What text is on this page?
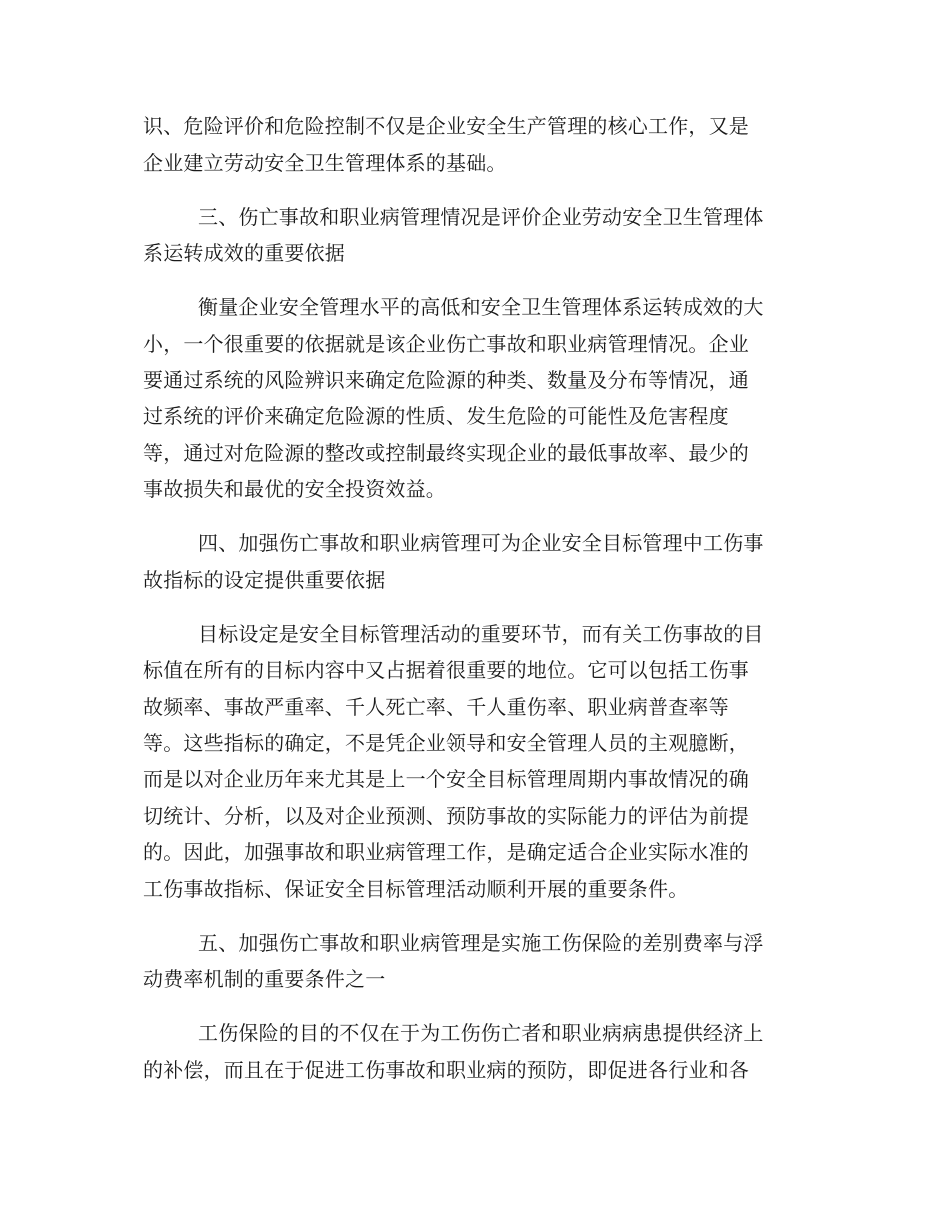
识、危险评价和危险控制不仅是企业安全生产管理的核心工作，又是
企业建立劳动安全卫生管理体系的基础。
三、伤亡事故和职业病管理情况是评价企业劳动安全卫生管理体
系运转成效的重要依据
衡量企业安全管理水平的高低和安全卫生管理体系运转成效的大
小，一个很重要的依据就是该企业伤亡事故和职业病管理情况。企业
要通过系统的风险辨识来确定危险源的种类、数量及分布等情况，通
过系统的评价来确定危险源的性质、发生危险的可能性及危害程度
等，通过对危险源的整改或控制最终实现企业的最低事故率、最少的
事故损失和最优的安全投资效益。
四、加强伤亡事故和职业病管理可为企业安全目标管理中工伤事
故指标的设定提供重要依据
目标设定是安全目标管理活动的重要环节，而有关工伤事故的目
标值在所有的目标内容中又占据着很重要的地位。它可以包括工伤事
故频率、事故严重率、千人死亡率、千人重伤率、职业病普查率等
等。这些指标的确定，不是凭企业领导和安全管理人员的主观臆断，
而是以对企业历年来尤其是上一个安全目标管理周期内事故情况的确
切统计、分析，以及对企业预测、预防事故的实际能力的评估为前提
的。因此，加强事故和职业病管理工作，是确定适合企业实际水准的
工伤事故指标、保证安全目标管理活动顺利开展的重要条件。
五、加强伤亡事故和职业病管理是实施工伤保险的差别费率与浮
动费率机制的重要条件之一
工伤保险的目的不仅在于为工伤伤亡者和职业病病患提供经济上
的补偿，而且在于促进工伤事故和职业病的预防，即促进各行业和各
